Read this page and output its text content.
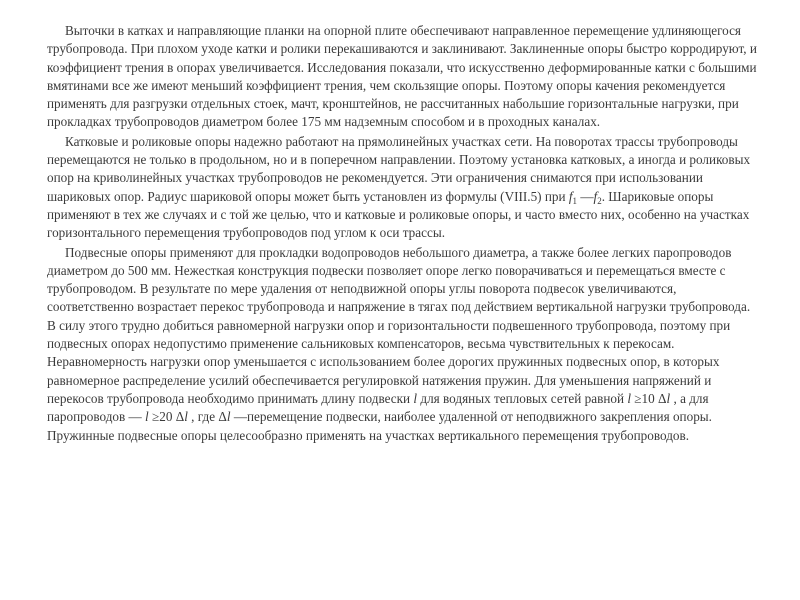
Выточки в катках и направляющие планки на опорной плите обеспечивают направленное перемещение удлиняющегося трубопровода. При плохом уходе катки и ролики перекашиваются и заклинивают. Заклиненные опоры быстро корродируют, и коэффициент трения в опорах увеличивается. Исследования показали, что искусственно деформированные катки с большими вмятинами все же имеют меньший коэффициент трения, чем скользящие опоры. Поэтому опоры качения рекомендуется применять для разгрузки отдельных стоек, мачт, кронштейнов, не рассчитанных набольшие горизонтальные нагрузки, при прокладках трубопроводов диаметром более 175 мм надземным способом и в проходных каналах.

Катковые и роликовые опоры надежно работают на прямолинейных участках сети. На поворотах трассы трубопроводы перемещаются не только в продольном, но и в поперечном направлении. Поэтому установка катковых, а иногда и роликовых опор на криволинейных участках трубопроводов не рекомендуется. Эти ограничения снимаются при использовании шариковых опор. Радиус шариковой опоры может быть установлен из формулы (VIII.5) при $f_1$ $—f_2$. Шариковые опоры применяют в тех же случаях и с той же целью, что и катковые и роликовые опоры, и часто вместо них, особенно на участках горизонтального перемещения трубопроводов под углом к оси трассы.

Подвесные опоры применяют для прокладки водопроводов небольшого диаметра, а также более легких паропроводов диаметром до 500 мм. Нежесткая конструкция подвески позволяет опоре легко поворачиваться и перемещаться вместе с трубопроводом. В результате по мере удаления от неподвижной опоры углы поворота подвесок увеличиваются, соответственно возрастает перекос трубопровода и напряжение в тягах под действием вертикальной нагрузки трубопровода. В силу этого трудно добиться равномерной нагрузки опор и горизонтальности подвешенного трубопровода, поэтому при подвесных опорах недопустимо применение сальниковых компенсаторов, весьма чувствительных к перекосам. Неравномерность нагрузки опор уменьшается с использованием более дорогих пружинных подвесных опор, в которых равномерное распределение усилий обеспечивается регулировкой натяжения пружин. Для уменьшения напряжений и перекосов трубопровода необходимо принимать длину подвески l для водяных тепловых сетей равной l ≥10 Δl , а для паропроводов — l ≥20 Δl , где Δl —перемещение подвески, наиболее удаленной от неподвижного закрепления опоры. Пружинные подвесные опоры целесообразно применять на участках вертикального перемещения трубопроводов.
